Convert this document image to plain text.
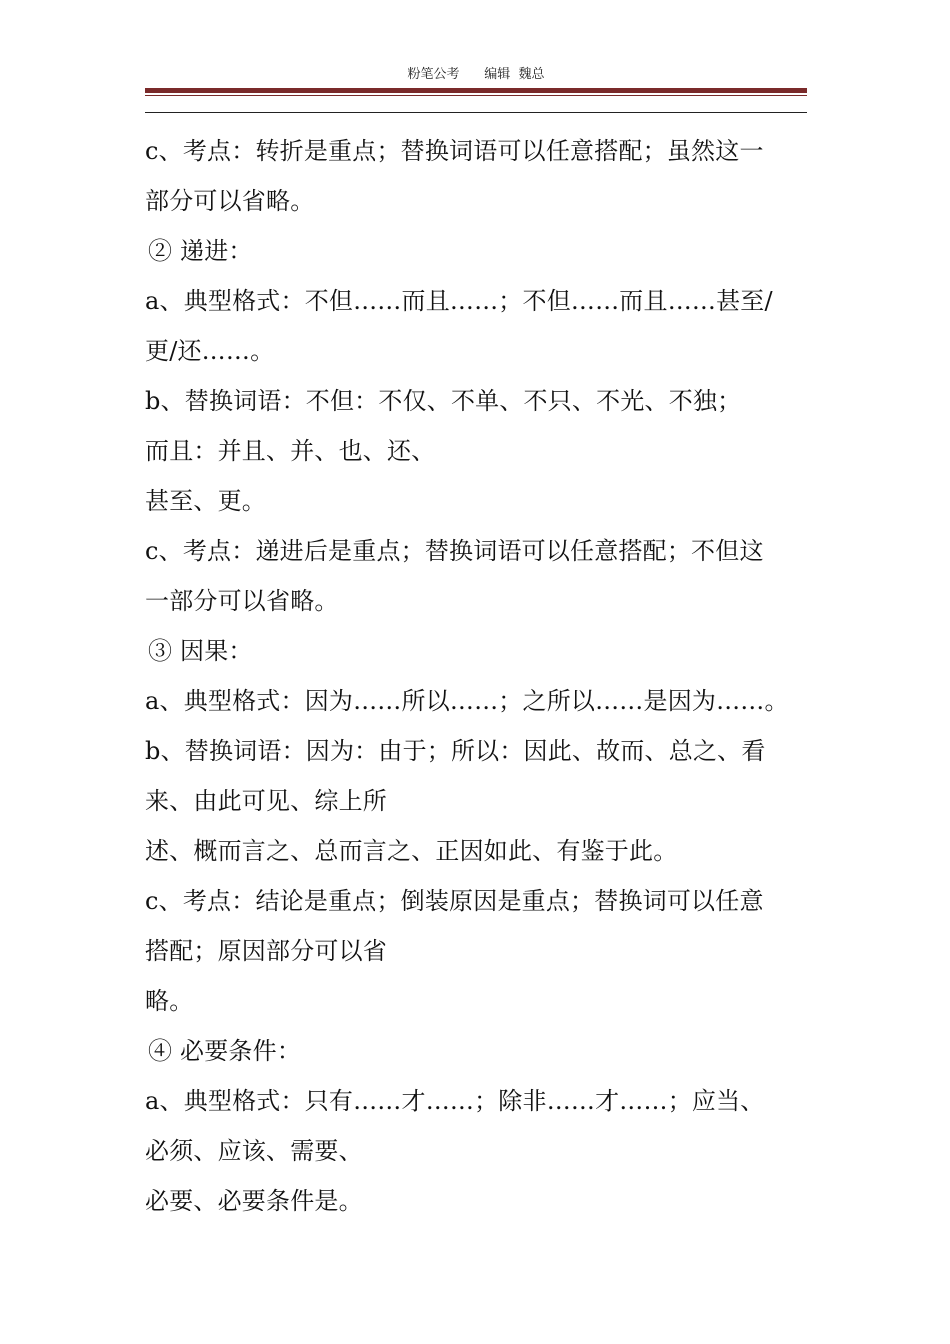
粉笔公考      编辑  魏总
c、考点：转折是重点；替换词语可以任意搭配；虽然这一
部分可以省略。
② 递进：
a、典型格式：不但……而且……；不但……而且……甚至/
更/还……。
b、替换词语：不但：不仅、不单、不只、不光、不独；
而且：并且、并、也、还、
甚至、更。
c、考点：递进后是重点；替换词语可以任意搭配；不但这
一部分可以省略。
③ 因果：
a、典型格式：因为……所以……；之所以……是因为……。
b、替换词语：因为：由于；所以：因此、故而、总之、看
来、由此可见、综上所
述、概而言之、总而言之、正因如此、有鉴于此。
c、考点：结论是重点；倒装原因是重点；替换词可以任意
搭配；原因部分可以省
略。
④ 必要条件：
a、典型格式：只有……才……；除非……才……；应当、
必须、应该、需要、
必要、必要条件是。
